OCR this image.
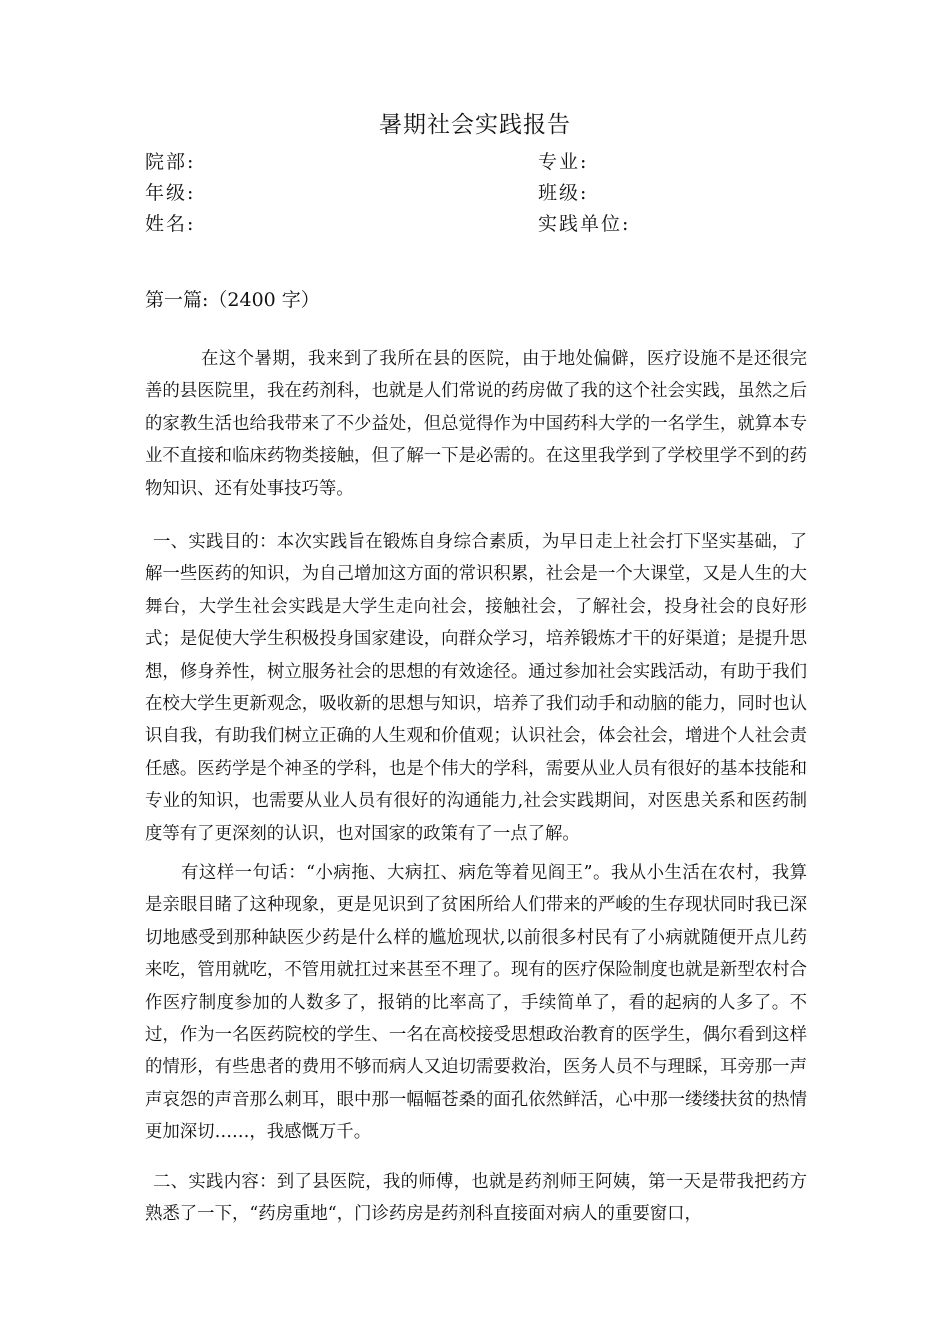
暑期社会实践报告
院部:	专业:
年级:	班级:
姓名:	实践单位:
第一篇:（2400 字）

在这个暑期，我来到了我所在县的医院，由于地处偏僻，医疗设施不是还很完善的县医院里，我在药剂科，也就是人们常说的药房做了我的这个社会实践，虽然之后的家教生活也给我带来了不少益处，但总觉得作为中国药科大学的一名学生，就算本专业不直接和临床药物类接触，但了解一下是必需的。在这里我学到了学校里学不到的药物知识、还有处事技巧等。

一、实践目的：本次实践旨在锻炼自身综合素质，为早日走上社会打下坚实基础，了解一些医药的知识，为自己增加这方面的常识积累，社会是一个大课堂，又是人生的大舞台，大学生社会实践是大学生走向社会，接触社会，了解社会，投身社会的良好形式；是促使大学生积极投身国家建设，向群众学习，培养锻炼才干的好渠道；是提升思想，修身养性，树立服务社会的思想的有效途径。通过参加社会实践活动，有助于我们在校大学生更新观念，吸收新的思想与知识，培养了我们动手和动脑的能力，同时也认识自我，有助我们树立正确的人生观和价值观；认识社会，体会社会，增进个人社会责任感。医药学是个神圣的学科，也是个伟大的学科，需要从业人员有很好的基本技能和专业的知识，也需要从业人员有很好的沟通能力,社会实践期间，对医患关系和医药制度等有了更深刻的认识，也对国家的政策有了一点了解。

有这样一句话：“小病拖、大病扛、病危等着见阎王”。我从小生活在农村，我算是亲眼目睹了这种现象，更是见识到了贫困所给人们带来的严峻的生存现状同时我已深切地感受到那种缺医少药是什么样的尴尬现状,以前很多村民有了小病就随便开点儿药来吃，管用就吃，不管用就扛过来甚至不理了。现有的医疗保险制度也就是新型农村合作医疗制度参加的人数多了，报销的比率高了，手续简单了，看的起病的人多了。不过，作为一名医药院校的学生、一名在高校接受思想政治教育的医学生，偶尔看到这样的情形，有些患者的费用不够而病人又迫切需要救治，医务人员不与理睬，耳旁那一声声哀怨的声音那么刺耳，眼中那一幅幅苍桑的面孔依然鲜活，心中那一缕缕扶贫的热情更加深切……，我感慨万千。

二、实践内容：到了县医院，我的师傅，也就是药剂师王阿姨，第一天是带我把药方熟悉了一下，“药房重地“，门诊药房是药剂科直接面对病人的重要窗口，
